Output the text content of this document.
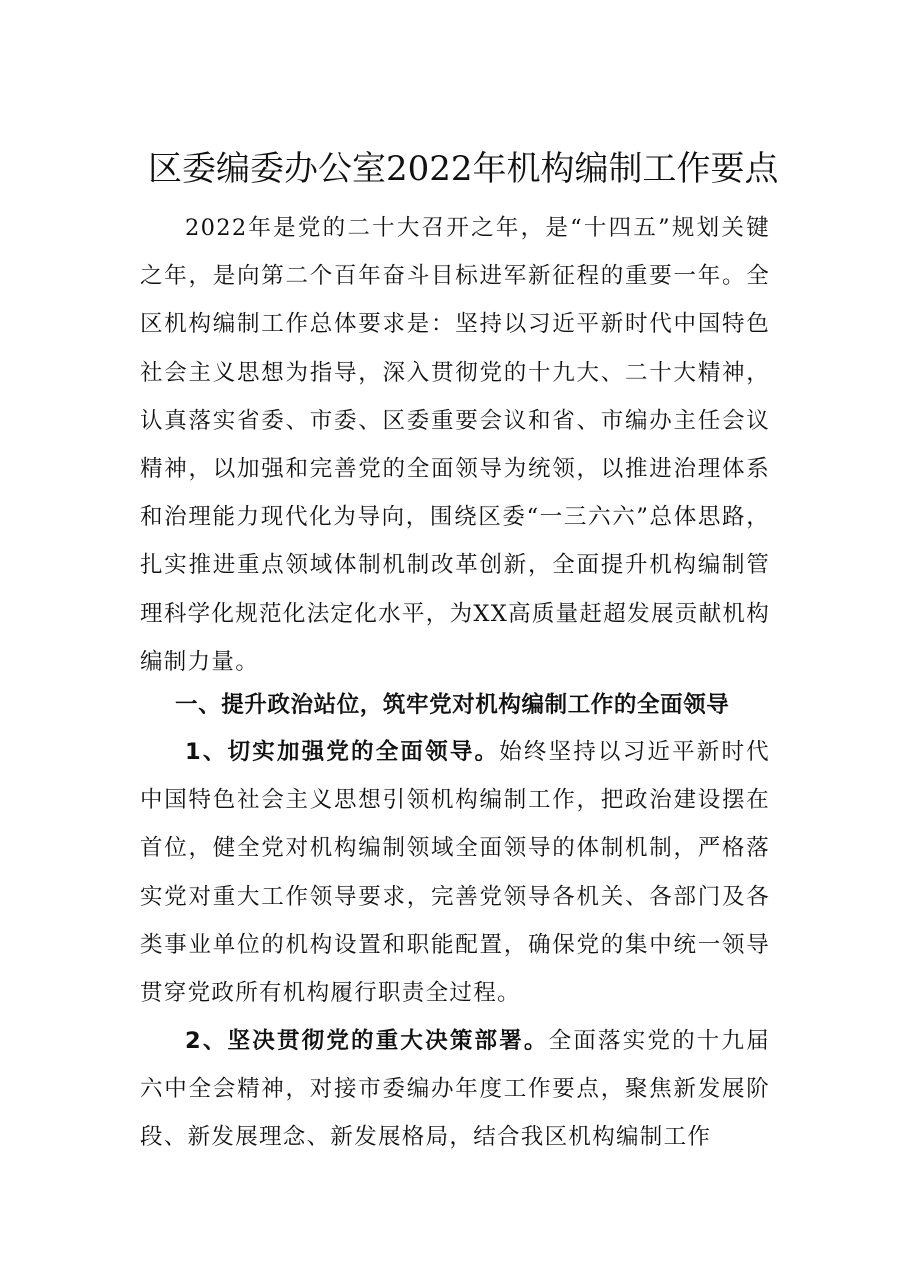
区委编委办公室2022年机构编制工作要点
2022年是党的二十大召开之年，是“十四五”规划关键之年，是向第二个百年奋斗目标进军新征程的重要一年。全区机构编制工作总体要求是：坚持以习近平新时代中国特色社会主义思想为指导，深入贯彻党的十九大、二十大精神，认真落实省委、市委、区委重要会议和省、市编办主任会议精神，以加强和完善党的全面领导为统领，以推进治理体系和治理能力现代化为导向，围绕区委“一三六六”总体思路，扎实推进重点领域体制机制改革创新，全面提升机构编制管理科学化规范化法定化水平，为XX高质量赶超发展贡献机构编制力量。
一、提升政治站位，筑牢党对机构编制工作的全面领导
1、切实加强党的全面领导。始终坚持以习近平新时代中国特色社会主义思想引领机构编制工作，把政治建设摆在首位，健全党对机构编制领域全面领导的体制机制，严格落实党对重大工作领导要求，完善党领导各机关、各部门及各类事业单位的机构设置和职能配置，确保党的集中统一领导贯穿党政所有机构履行职责全过程。
2、坚决贯彻党的重大决策部署。全面落实党的十九届六中全会精神，对接市委编办年度工作要点，聚焦新发展阶段、新发展理念、新发展格局，结合我区机构编制工作
